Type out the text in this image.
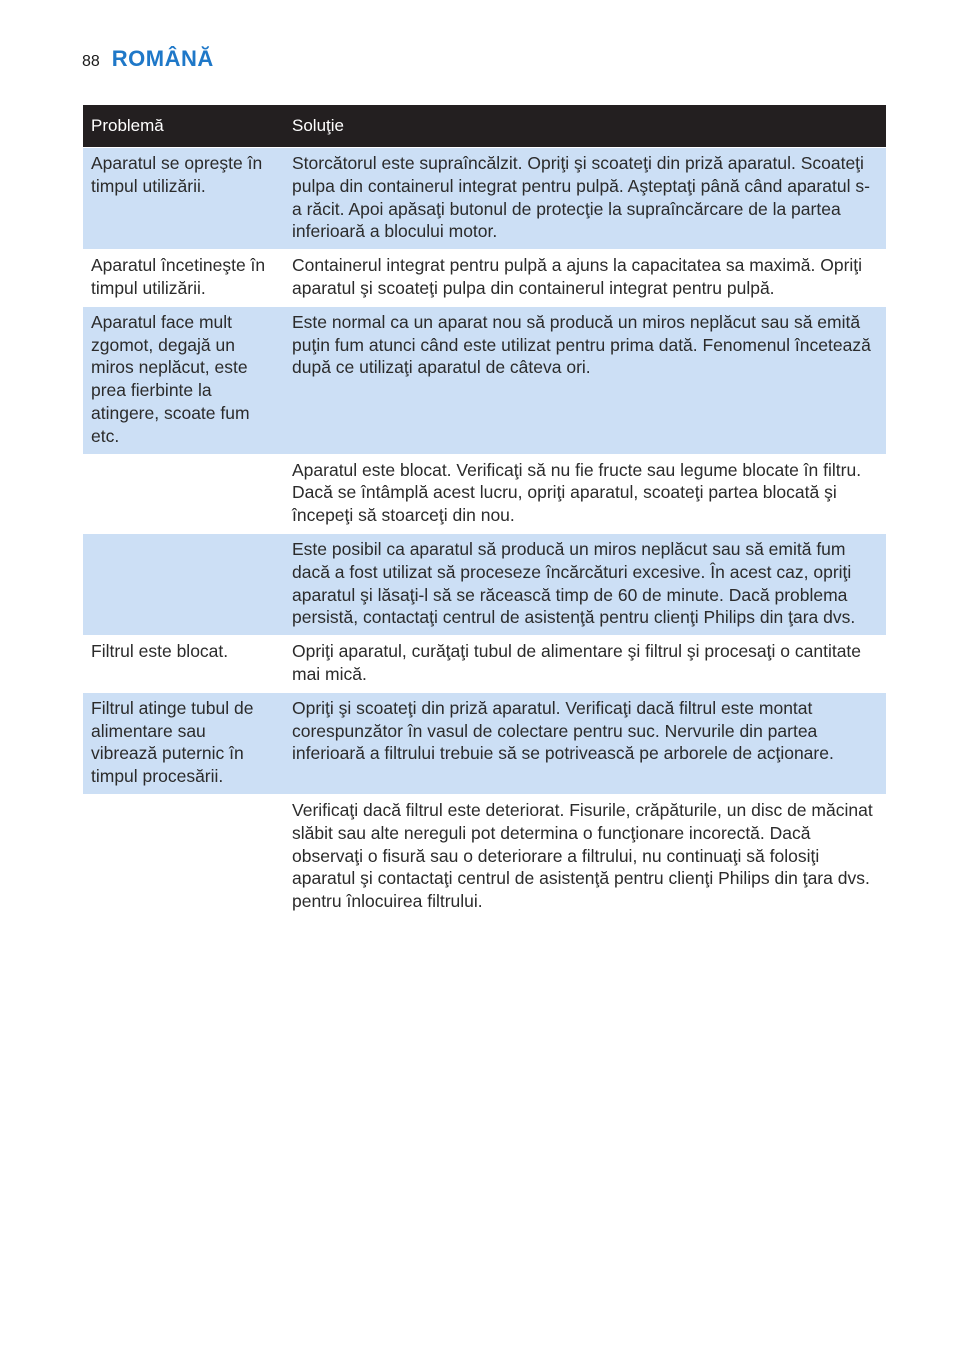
88 ROMÂNĂ
Problemă	Soluţie
Aparatul se opreşte în timpul utilizării.
Storcătorul este supraîncălzit. Opriţi şi scoateţi din priză aparatul. Scoateţi pulpa din containerul integrat pentru pulpă. Aşteptaţi până când aparatul s-a răcit. Apoi apăsaţi butonul de protecţie la supraîncărcare de la partea inferioară a blocului motor.
Aparatul încetineşte în timpul utilizării.
Containerul integrat pentru pulpă a ajuns la capacitatea sa maximă. Opriţi aparatul şi scoateţi pulpa din containerul integrat pentru pulpă.
Aparatul face mult zgomot, degajă un miros neplăcut, este prea fierbinte la atingere, scoate fum etc.
Este normal ca un aparat nou să producă un miros neplăcut sau să emită puţin fum atunci când este utilizat pentru prima dată. Fenomenul încetează după ce utilizaţi aparatul de câteva ori.
Aparatul este blocat. Verificaţi să nu fie fructe sau legume blocate în filtru. Dacă se întâmplă acest lucru, opriţi aparatul, scoateţi partea blocată şi începeţi să stoarceţi din nou.
Este posibil ca aparatul să producă un miros neplăcut sau să emită fum dacă a fost utilizat să proceseze încărcături excesive. În acest caz, opriţi aparatul şi lăsaţi-l să se răcească timp de 60 de minute. Dacă problema persistă, contactaţi centrul de asistenţă pentru clienţi Philips din ţara dvs.
Filtrul este blocat.	Opriţi aparatul, curăţaţi tubul de alimentare şi filtrul şi procesaţi o cantitate mai mică.
Filtrul atinge tubul de alimentare sau vibrează puternic în timpul procesării.
Opriţi şi scoateţi din priză aparatul. Verificaţi dacă filtrul este montat corespunzător în vasul de colectare pentru suc. Nervurile din partea inferioară a filtrului trebuie să se potrivească pe arborele de acţionare.
Verificaţi dacă filtrul este deteriorat. Fisurile, crăpăturile, un disc de măcinat slăbit sau alte nereguli pot determina o funcţionare incorectă. Dacă observaţi o fisură sau o deteriorare a filtrului, nu continuaţi să folosiţi aparatul şi contactaţi centrul de asistenţă pentru clienţi Philips din ţara dvs. pentru înlocuirea filtrului.
